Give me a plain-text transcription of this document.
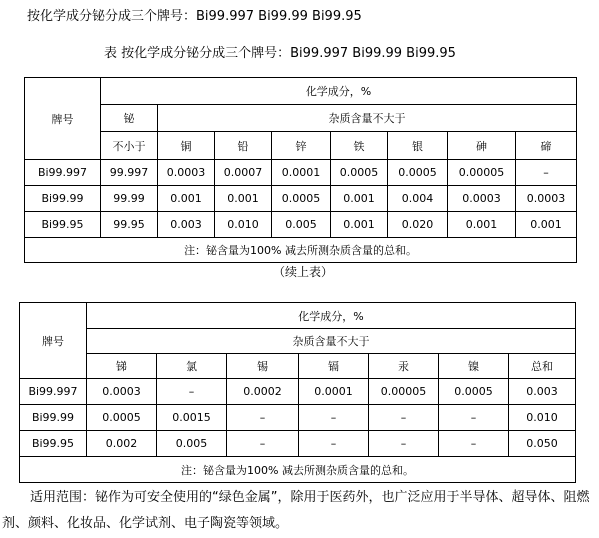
按化学成分铋分成三个牌号：Bi99.997 Bi99.99 Bi99.95
表 按化学成分铋分成三个牌号：Bi99.997 Bi99.99 Bi99.95
牌号	化学成分，%							
	铋	杂质含量不大于						
	不小于	铜	铅	锌	铁	银	砷	碲
Bi99.997	99.997	0.0003	0.0007	0.0001	0.0005	0.0005	0.00005	–
Bi99.99	99.99	0.001	0.001	0.0005	0.001	0.004	0.0003	0.0003
Bi99.95	99.95	0.003	0.010	0.005	0.001	0.020	0.001	0.001
注：铋含量为100% 减去所测杂质含量的总和。								
（续上表）
牌号	化学成分，%						
	杂质含量不大于						
	锑	氯	锡	镉	汞	镍	总和
Bi99.997	0.0003	–	0.0002	0.0001	0.00005	0.0005	0.003
Bi99.99	0.0005	0.0015	–	–	–	–	0.010
Bi99.95	0.002	0.005	–	–	–	–	0.050
注：铋含量为100% 减去所测杂质含量的总和。							
适用范围：铋作为可安全使用的“绿色金属”，除用于医药外，也广泛应用于半导体、超导体、阻燃剂、颜料、化妆品、化学试剂、电子陶瓷等领域。
